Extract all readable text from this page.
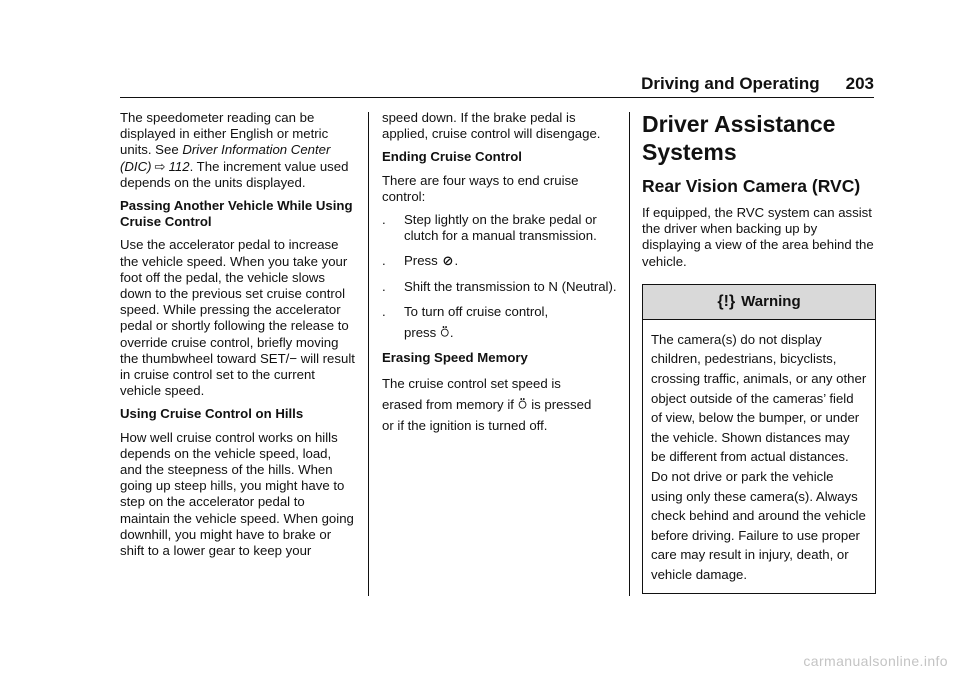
Driving and Operating 203

The speedometer reading can be displayed in either English or metric units. See Driver Information Center (DIC) ⇨ 112. The increment value used depends on the units displayed.

Passing Another Vehicle While Using Cruise Control

Use the accelerator pedal to increase the vehicle speed. When you take your foot off the pedal, the vehicle slows down to the previous set cruise control speed. While pressing the accelerator pedal or shortly following the release to override cruise control, briefly moving the thumbwheel toward SET/− will result in cruise control set to the current vehicle speed.

Using Cruise Control on Hills

How well cruise control works on hills depends on the vehicle speed, load, and the steepness of the hills. When going up steep hills, you might have to step on the accelerator pedal to maintain the vehicle speed. When going downhill, you might have to brake or shift to a lower gear to keep your

speed down. If the brake pedal is applied, cruise control will disengage.

Ending Cruise Control

There are four ways to end cruise control:

.	Step lightly on the brake pedal or clutch for a manual transmission.
.	Press ⊘.
.	Shift the transmission to N (Neutral).
.	To turn off cruise control,
press ⍥.
Erasing Speed Memory

The cruise control set speed is
erased from memory if ⍥ is pressed
or if the ignition is turned off.

Driver Assistance Systems
Rear Vision Camera (RVC)

If equipped, the RVC system can assist the driver when backing up by displaying a view of the area behind the vehicle.

{!} Warning
The camera(s) do not display children, pedestrians, bicyclists, crossing traffic, animals, or any other object outside of the cameras’ field of view, below the bumper, or under the vehicle. Shown distances may be different from actual distances. Do not drive or park the vehicle using only these camera(s). Always check behind and around the vehicle before driving. Failure to use proper care may result in injury, death, or vehicle damage.
carmanualsonline.info
